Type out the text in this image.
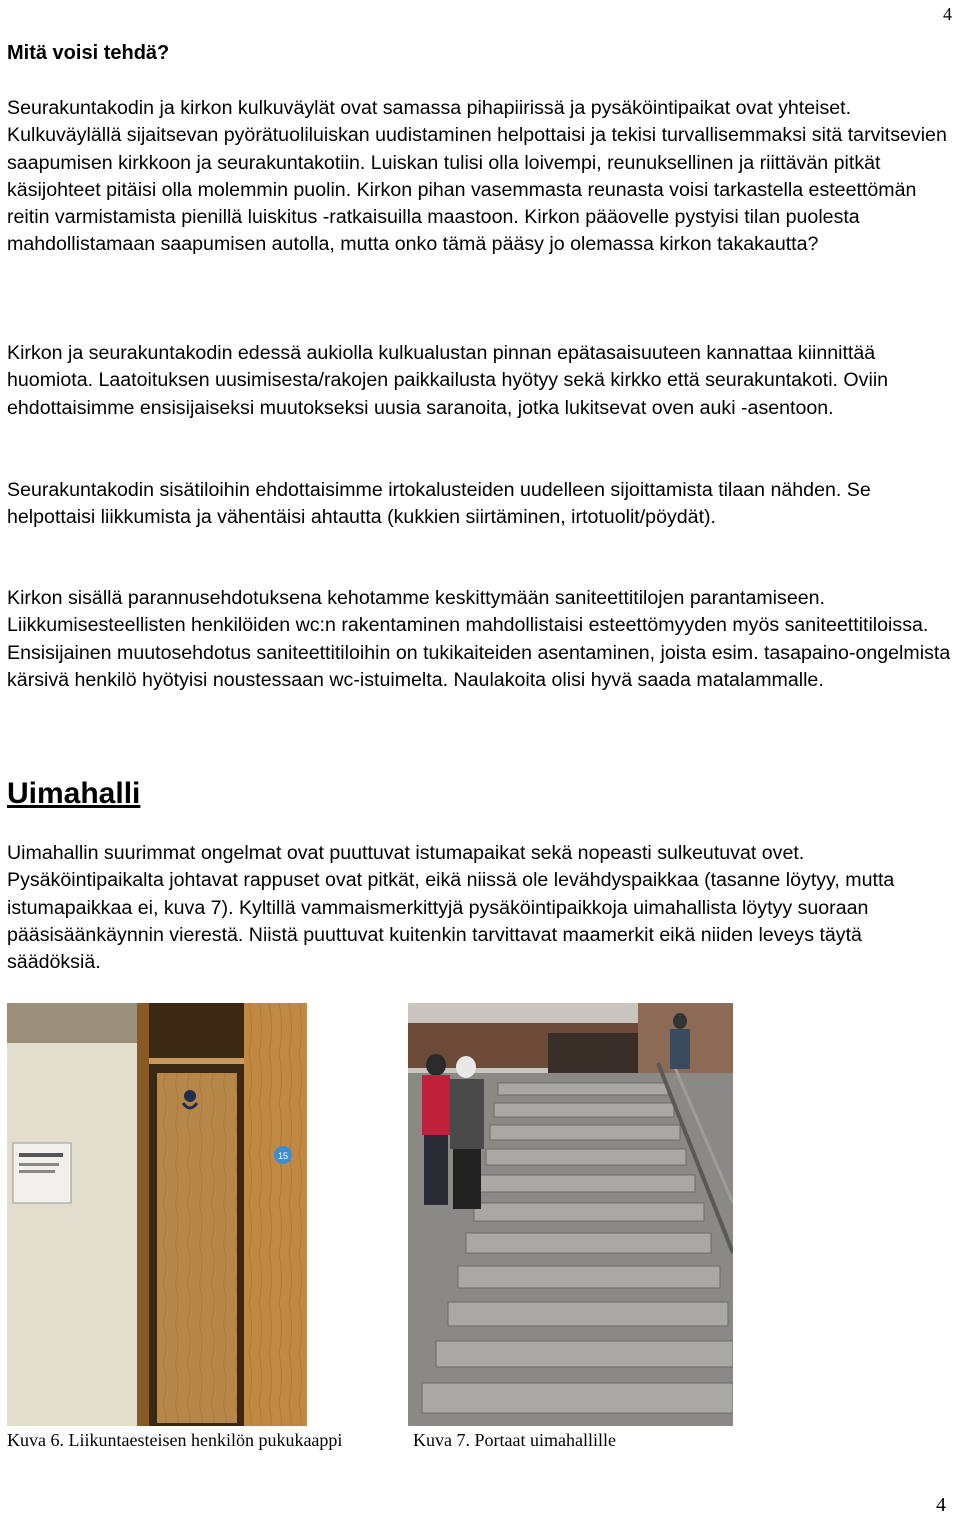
4
Mitä voisi tehdä?

Seurakuntakodin ja kirkon kulkuväylät ovat samassa pihapiirissä ja pysäköintipaikat ovat yhteiset. Kulkuväylällä sijaitsevan pyörätuoliluiskan uudistaminen helpottaisi ja tekisi turvallisemmaksi sitä tarvitsevien saapumisen kirkkoon ja seurakuntakotiin. Luiskan tulisi olla loivempi, reunuksellinen ja riittävän pitkät käsijohteet pitäisi olla molemmin puolin. Kirkon pihan vasemmasta reunasta voisi tarkastella esteettömän reitin varmistamista pienillä luiskitus -ratkaisuilla maastoon. Kirkon pääovelle pystyisi tilan puolesta mahdollistamaan saapumisen autolla, mutta onko tämä pääsy jo olemassa kirkon takakautta?

Kirkon ja seurakuntakodin edessä aukiolla kulkualustan pinnan epätasaisuuteen kannattaa kiinnittää huomiota. Laatoituksen uusimisesta/rakojen paikkailusta hyötyy sekä kirkko että seurakuntakoti. Oviin ehdottaisimme ensisijaiseksi muutokseksi uusia saranoita, jotka lukitsevat oven auki -asentoon.

Seurakuntakodin sisätiloihin ehdottaisimme irtokalusteiden uudelleen sijoittamista tilaan nähden. Se helpottaisi liikkumista ja vähentäisi ahtautta (kukkien siirtäminen, irtotuolit/pöydät).

Kirkon sisällä parannusehdotuksena kehotamme keskittymään saniteettitilojen parantamiseen. Liikkumisesteellisten henkilöiden wc:n rakentaminen mahdollistaisi esteettömyyden myös saniteettitiloissa. Ensisijainen muutosehdotus saniteettitiloihin on tukikaiteiden asentaminen, joista esim. tasapaino-ongelmista kärsivä henkilö hyötyisi noustessaan wc-istuimelta. Naulakoita olisi hyvä saada matalammalle.

Uimahalli

Uimahallin suurimmat ongelmat ovat puuttuvat istumapaikat sekä nopeasti sulkeutuvat ovet. Pysäköintipaikalta johtavat rappuset ovat pitkät, eikä niissä ole levähdyspaikkaa (tasanne löytyy, mutta istumapaikkaa ei, kuva 7). Kyltillä vammaismerkittyjä pysäköintipaikkoja uimahallista löytyy suoraan pääsisäänkäynnin vierestä. Niistä puuttuvat kuitenkin tarvittavat maamerkit eikä niiden leveys täytä säädöksiä.

15
Kuva 6. Liikuntaesteisen henkilön pukukaappi	Kuva 7. Portaat uimahallille
4
